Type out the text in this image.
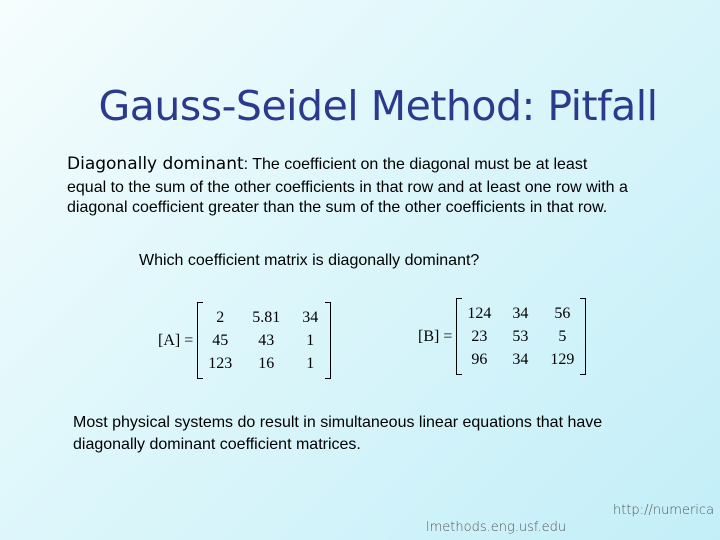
Gauss-Seidel Method: Pitfall
Diagonally dominant: The coefficient on the diagonal must be at least
equal to the sum of the other coefficients in that row and at least one row with a diagonal coefficient greater than the sum of the other coefficients in that row.
Which coefficient matrix is diagonally dominant?
[A] =
2	5.81 34
45	43	1
123	16	1
[B] =
124	34	56
23	53	5
96	34	129
Most physical systems do result in simultaneous linear equations that have diagonally dominant coefficient matrices.
http://numerica
lmethods.eng.usf.edu
